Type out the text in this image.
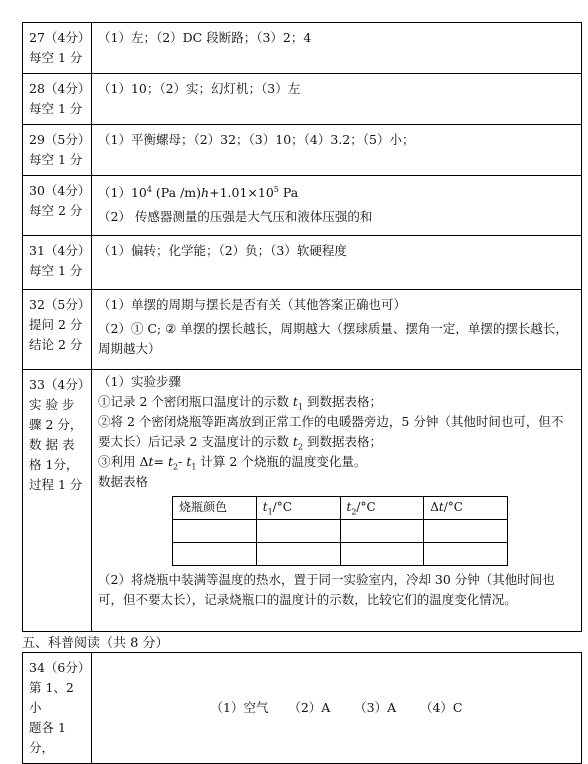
27（4分）
每空 1 分

（1）左；（2）DC 段断路；（3）2；4

28（4分）
每空 1 分

（1）10；（2）实；幻灯机；（3）左

29（5分）
每空 1 分

（1）平衡螺母；（2）32；（3）10；（4）3.2；（5）小；

30（4分）
每空 2 分

$(1)10^4$ (Pa $/m)h+1.01\times 10^5$ Pa
（2） 传感器测量的压强是大气压和液体压强的和

31（4分）
每空 1 分

（1）偏转；化学能；（2）负；（3）软硬程度

32（5分）
提问 2 分
结论 2 分

（1）单摆的周期与摆长是否有关（其他答案正确也可）
（2）① C; ② 单摆的摆长越长，周期越大（摆球质量、摆角一定，单摆的摆长越长，周期越大）

33（4分）
实 验 步
骤 2 分，
数 据 表
格 1分，
过程 1 分

（1）实验步骤
①记录 2 个密闭瓶口温度计的示数 $t_1$ 到数据表格；
②将 2 个密闭烧瓶等距离放到正常工作的电暖器旁边，5 分钟（其他时间也可，但不要太长）后记录 2 支温度计的示数 $t_2$ 到数据表格；
③利用 $\Delta t= t_2-$ $t_1$ 计算 2 个烧瓶的温度变化量。
数据表格
烧瓶颜色	$t_1/^\circ C$	$t_2/^\circ C$	Δt/°C

（2）将烧瓶中装满等温度的热水，置于同一实验室内，冷却 30 分钟（其他时间也可，但不要太长），记录烧瓶口的温度计的示数，比较它们的温度变化情况。
五、科普阅读（共 8 分）
34（6分）
第 1、2 小
题各 1 分，
	（1）空气     （2）A      （3）A      （4）C
